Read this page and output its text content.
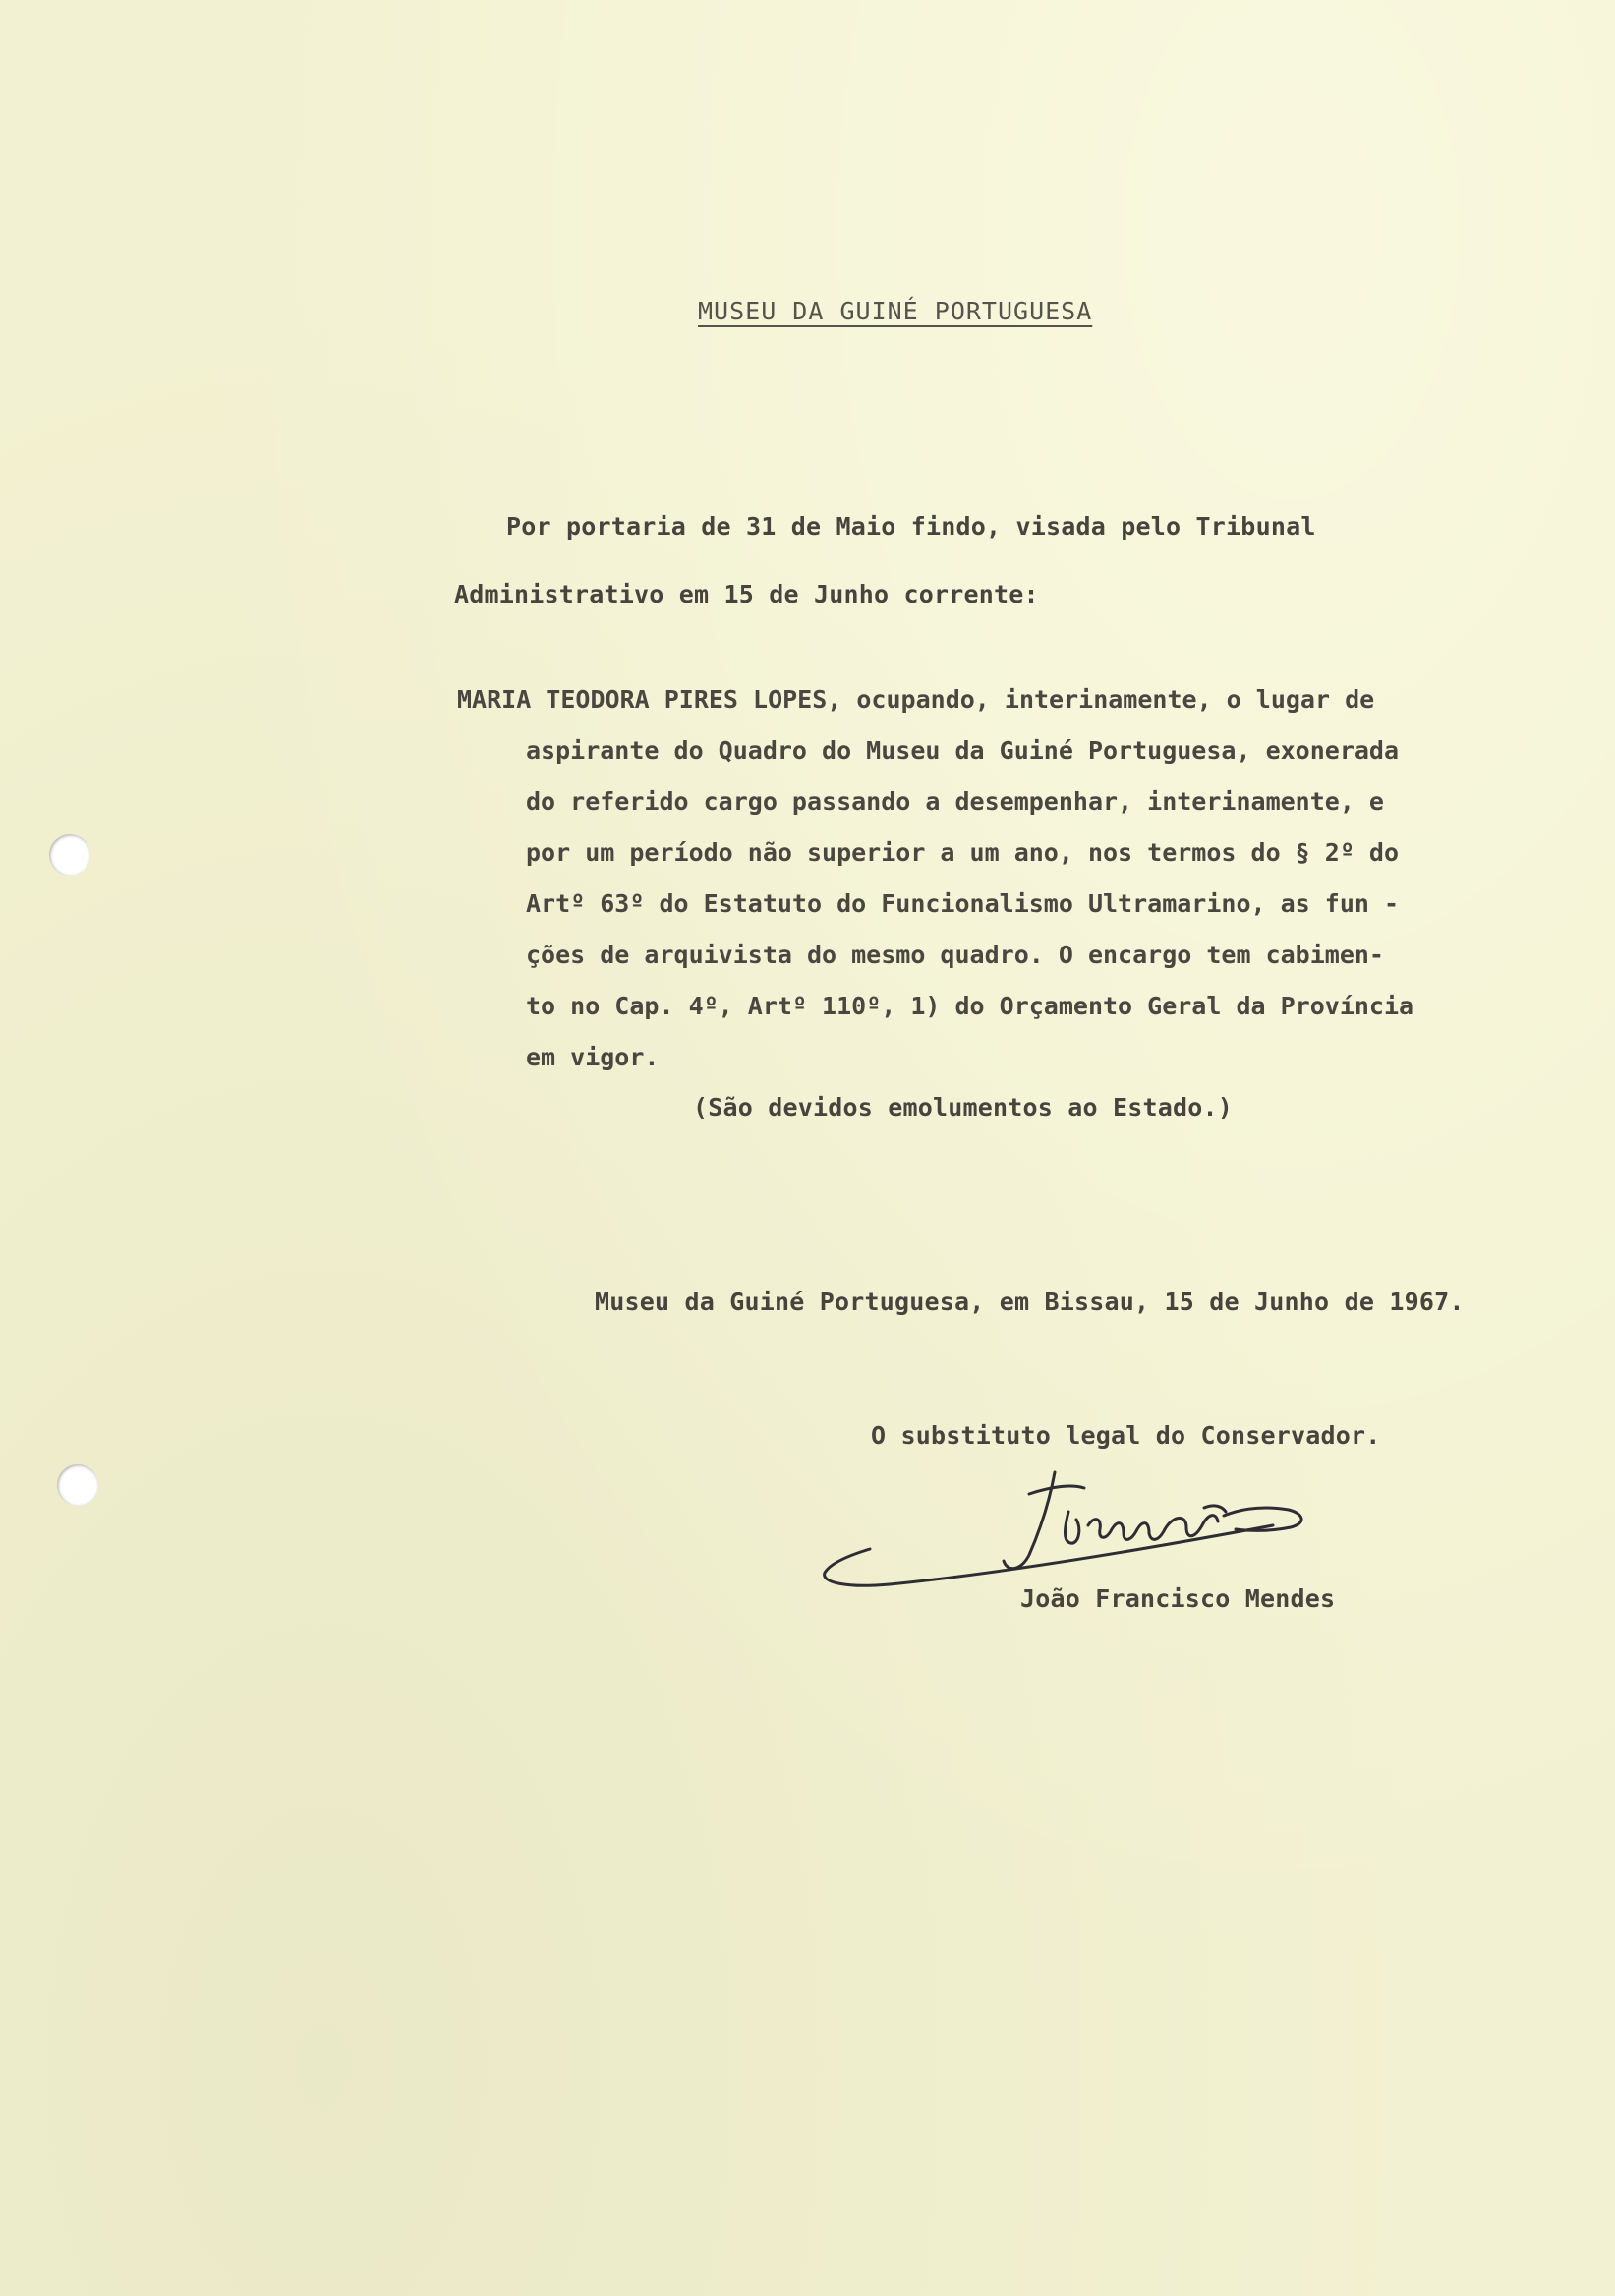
MUSEU DA GUINÉ PORTUGUESA
Por portaria de 31 de Maio findo, visada pelo Tribunal
Administrativo em 15 de Junho corrente:
MARIA TEODORA PIRES LOPES, ocupando, interinamente, o lugar de
aspirante do Quadro do Museu da Guiné Portuguesa, exonerada
do referido cargo passando a desempenhar, interinamente, e
por um período não superior a um ano, nos termos do § 2º do
Artº 63º do Estatuto do Funcionalismo Ultramarino, as fun -
ções de arquivista do mesmo quadro. O encargo tem cabimen-
to no Cap. 4º, Artº 110º, 1) do Orçamento Geral da Província
em vigor.
(São devidos emolumentos ao Estado.)
Museu da Guiné Portuguesa, em Bissau, 15 de Junho de 1967.
O substituto legal do Conservador.
João Francisco Mendes
